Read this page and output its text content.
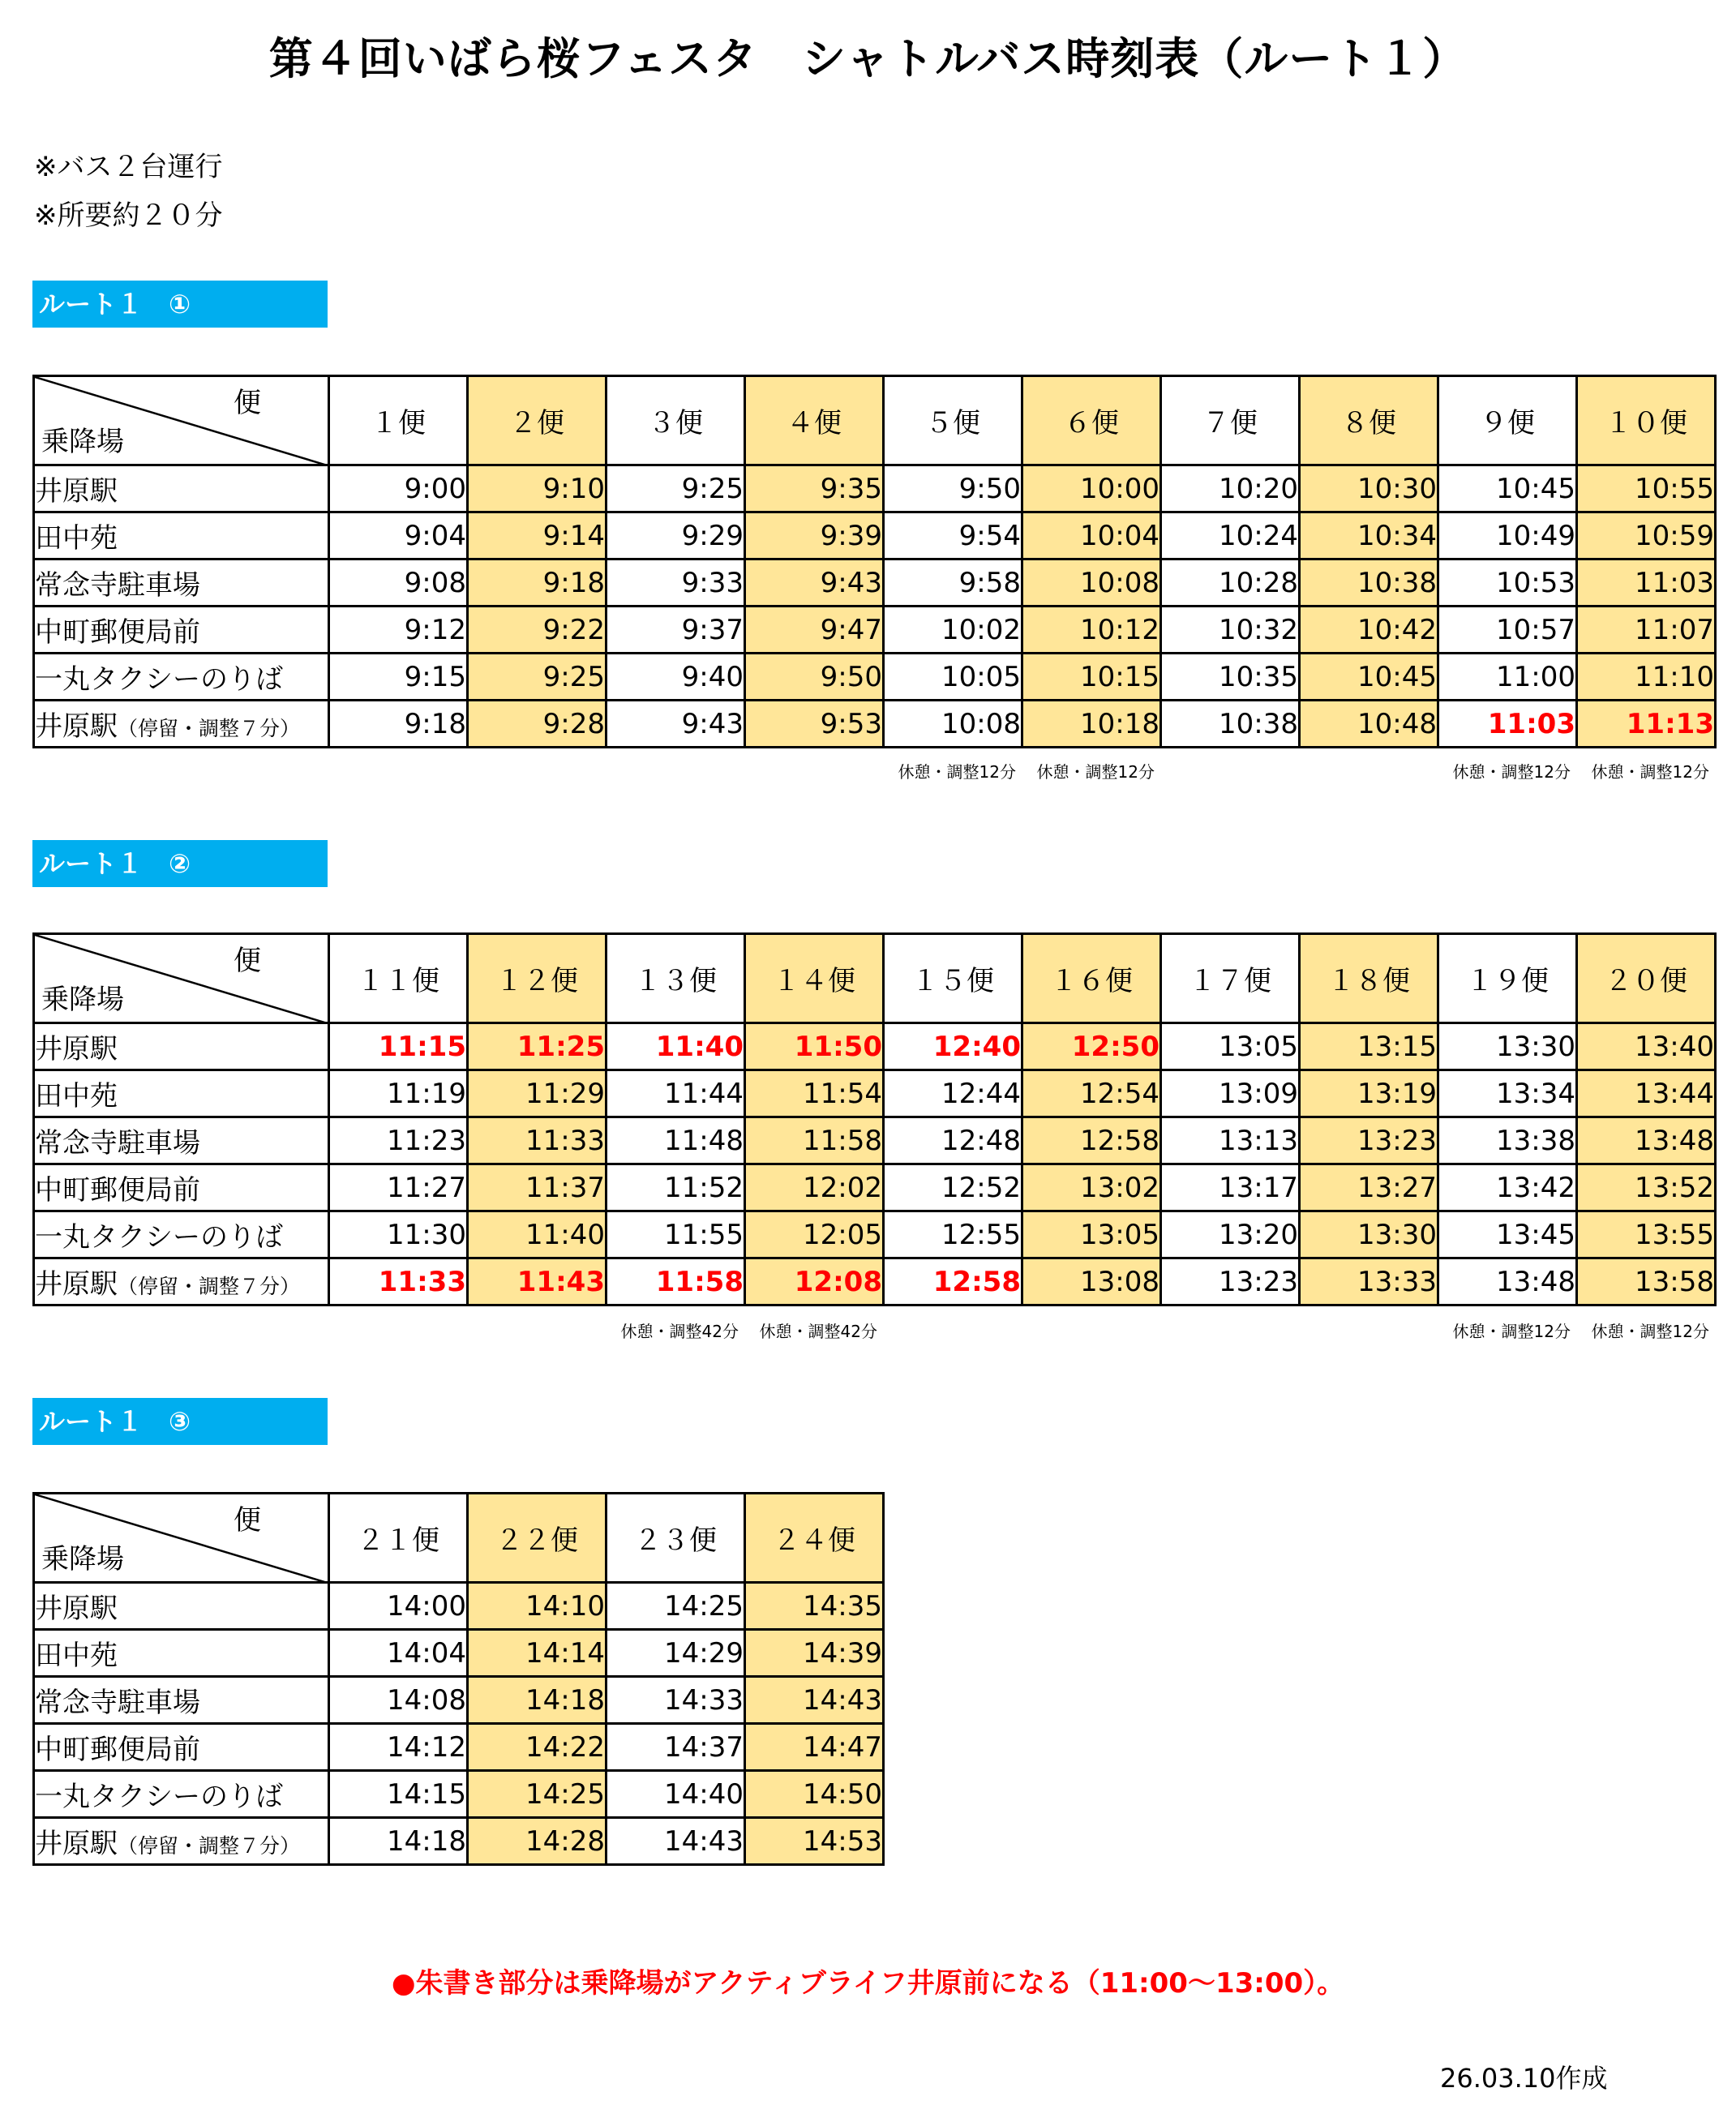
第４回いばら桜フェスタ　シャトルバス時刻表（ルート１）
※バス２台運行
※所要約２０分
ルート１　①
便
乗降場	１便	２便	３便	４便	５便	６便	７便	８便	９便	１０便
井原駅	9:00	9:10	9:25	9:35	9:50	10:00	10:20	10:30	10:45	10:55
田中苑	9:04	9:14	9:29	9:39	9:54	10:04	10:24	10:34	10:49	10:59
常念寺駐車場	9:08	9:18	9:33	9:43	9:58	10:08	10:28	10:38	10:53	11:03
中町郵便局前	9:12	9:22	9:37	9:47	10:02	10:12	10:32	10:42	10:57	11:07
一丸タクシーのりば	9:15	9:25	9:40	9:50	10:05	10:15	10:35	10:45	11:00	11:10
井原駅（停留・調整７分）	9:18	9:28	9:43	9:53	10:08	10:18	10:38	10:48	11:03	11:13
ルート１　②
便
乗降場	１１便	１２便	１３便	１４便	１５便	１６便	１７便	１８便	１９便	２０便
井原駅	11:15	11:25	11:40	11:50	12:40	12:50	13:05	13:15	13:30	13:40
田中苑	11:19	11:29	11:44	11:54	12:44	12:54	13:09	13:19	13:34	13:44
常念寺駐車場	11:23	11:33	11:48	11:58	12:48	12:58	13:13	13:23	13:38	13:48
中町郵便局前	11:27	11:37	11:52	12:02	12:52	13:02	13:17	13:27	13:42	13:52
一丸タクシーのりば	11:30	11:40	11:55	12:05	12:55	13:05	13:20	13:30	13:45	13:55
井原駅（停留・調整７分）	11:33	11:43	11:58	12:08	12:58	13:08	13:23	13:33	13:48	13:58
ルート１　③
便
乗降場	２１便	２２便	２３便	２４便
井原駅	14:00	14:10	14:25	14:35
田中苑	14:04	14:14	14:29	14:39
常念寺駐車場	14:08	14:18	14:33	14:43
中町郵便局前	14:12	14:22	14:37	14:47
一丸タクシーのりば	14:15	14:25	14:40	14:50
井原駅（停留・調整７分）	14:18	14:28	14:43	14:53
休憩・調整12分	休憩・調整12分	休憩・調整12分	休憩・調整12分
休憩・調整42分	休憩・調整42分	休憩・調整12分	休憩・調整12分
●朱書き部分は乗降場がアクティブライフ井原前になる（11:00～13:00）。
26.03.10作成
